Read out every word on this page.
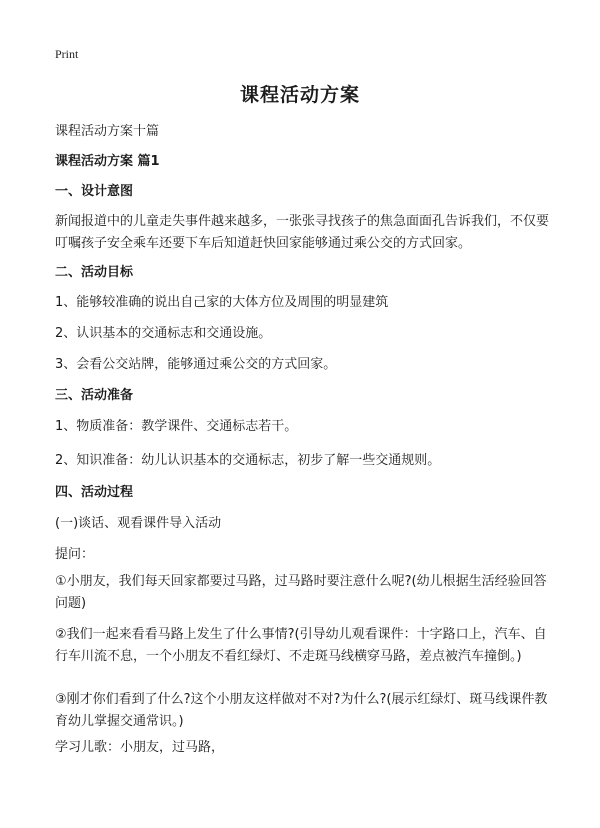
Print
课程活动方案
课程活动方案十篇
课程活动方案 篇1
一、设计意图
新闻报道中的儿童走失事件越来越多，一张张寻找孩子的焦急面面孔告诉我们，不仅要叮嘱孩子安全乘车还要下车后知道赶快回家能够通过乘公交的方式回家。
二、活动目标
1、能够较准确的说出自己家的大体方位及周围的明显建筑
2、认识基本的交通标志和交通设施。
3、会看公交站牌，能够通过乘公交的方式回家。
三、活动准备
1、物质准备：教学课件、交通标志若干。
2、知识准备：幼儿认识基本的交通标志，初步了解一些交通规则。
四、活动过程
(一)谈话、观看课件导入活动
提问：
①小朋友，我们每天回家都要过马路，过马路时要注意什么呢?(幼儿根据生活经验回答问题)
②我们一起来看看马路上发生了什么事情?(引导幼儿观看课件：十字路口上，汽车、自行车川流不息，一个小朋友不看红绿灯、不走斑马线横穿马路，差点被汽车撞倒。)
③刚才你们看到了什么?这个小朋友这样做对不对?为什么?(展示红绿灯、斑马线课件教育幼儿掌握交通常识。)
学习儿歌：小朋友，过马路，
